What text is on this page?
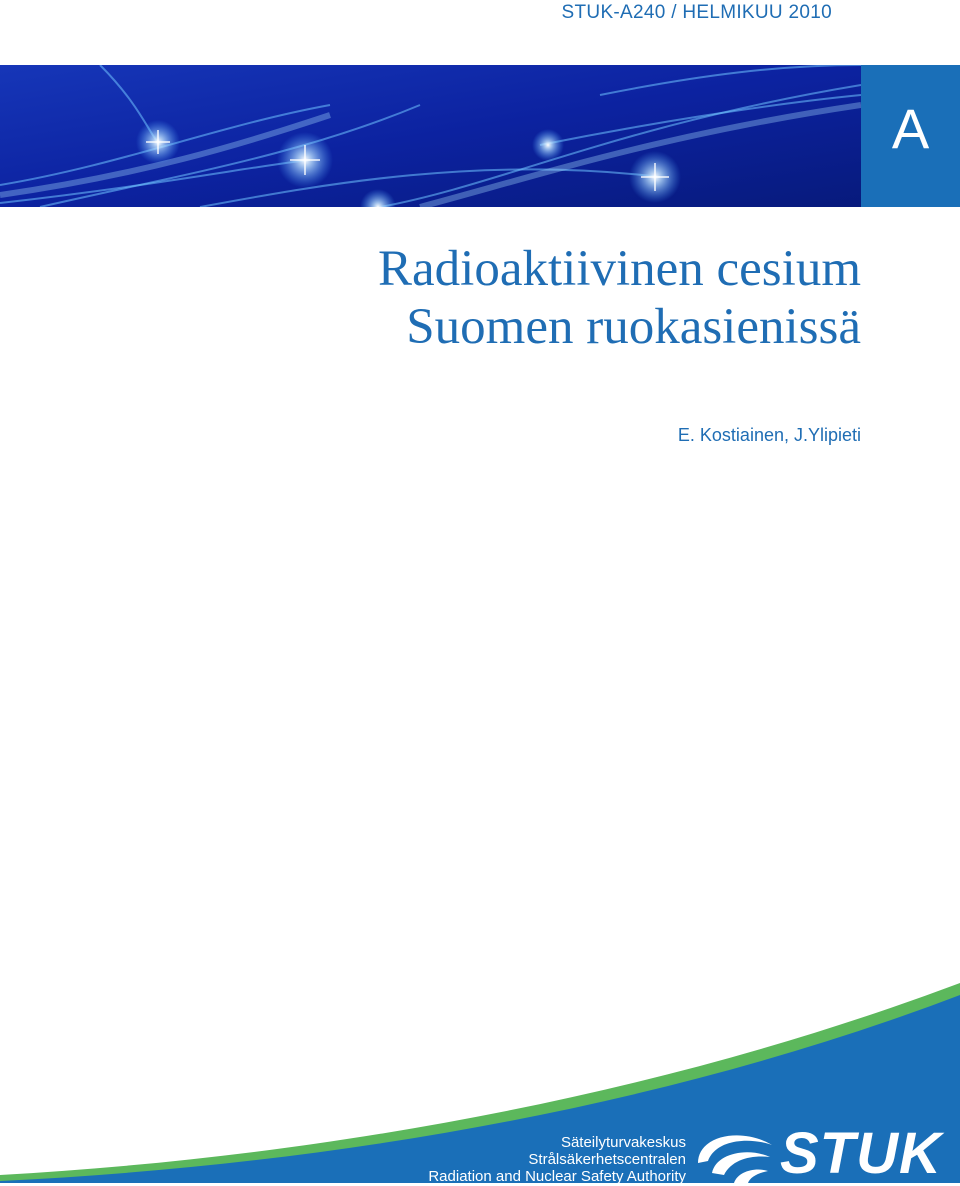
STUK-A240 / HELMIKUU 2010
A
Radioaktiivinen cesium
Suomen ruokasienissä
E. Kostiainen, J.Ylipieti
Säteilyturvakeskus
Strålsäkerhetscentralen
Radiation and Nuclear Safety Authority STUK
